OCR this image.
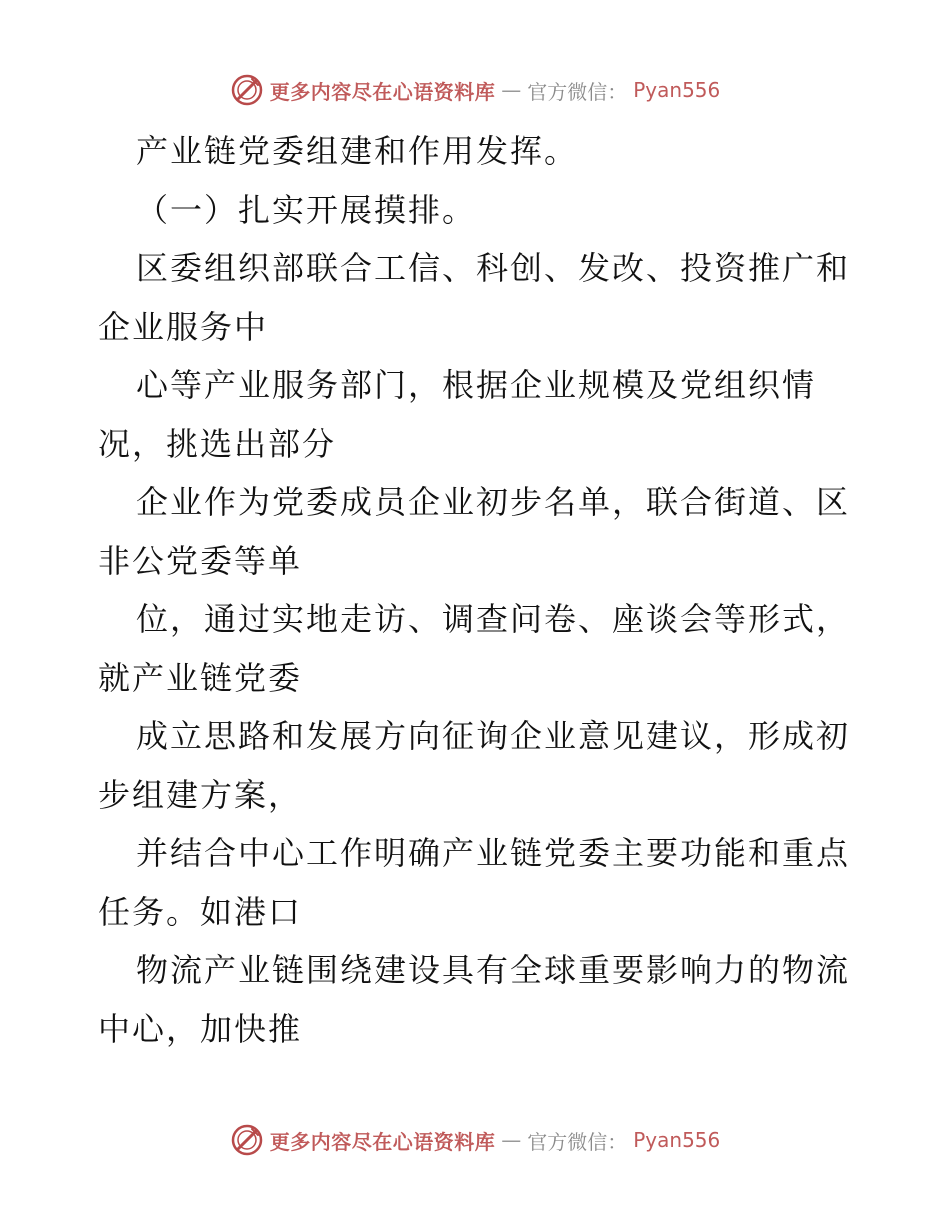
更多内容尽在心语资料库 — 官方微信： Pyan556
产业链党委组建和作用发挥。
（一）扎实开展摸排。
区委组织部联合工信、科创、发改、投资推广和
企业服务中
心等产业服务部门，根据企业规模及党组织情
况，挑选出部分
企业作为党委成员企业初步名单，联合街道、区
非公党委等单
位，通过实地走访、调查问卷、座谈会等形式，
就产业链党委
成立思路和发展方向征询企业意见建议，形成初
步组建方案，
并结合中心工作明确产业链党委主要功能和重点
任务。如港口
物流产业链围绕建设具有全球重要影响力的物流
中心，加快推
更多内容尽在心语资料库 — 官方微信： Pyan556
